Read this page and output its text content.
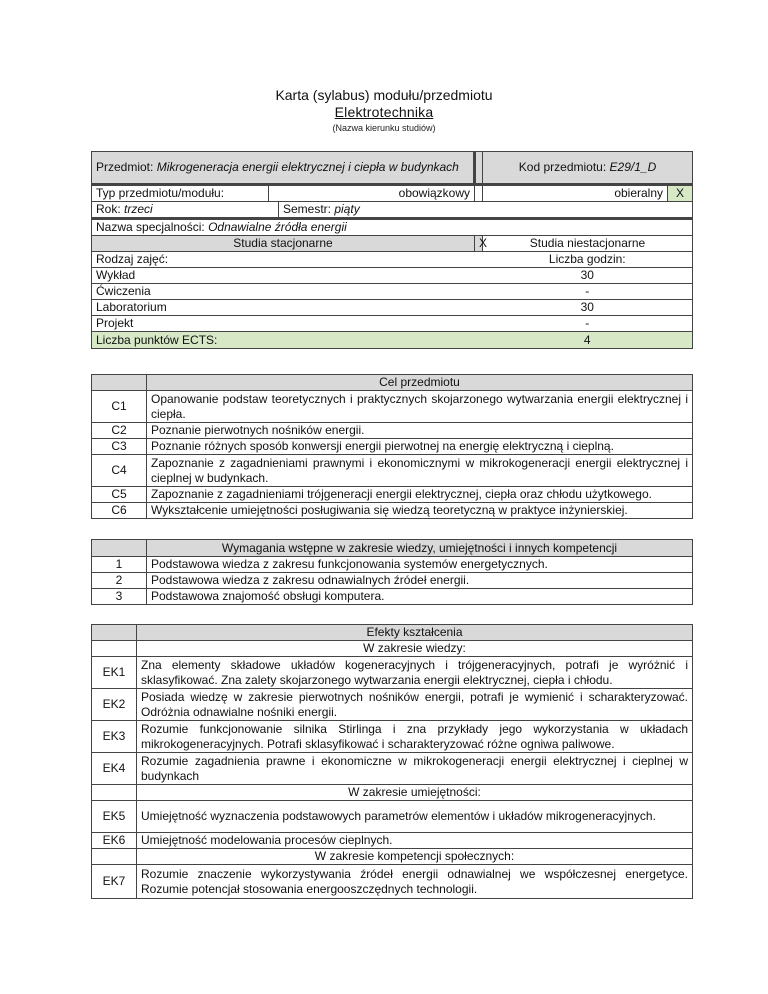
Karta (sylabus) modułu/przedmiotu
Elektrotechnika
(Nazwa kierunku studiów)
Przedmiot: Mikrogeneracja energii elektrycznej i ciepła w budynkach				Kod przedmiotu: E29/1_D	
Typ przedmiotu/modułu:	obowiązkowy			obieralny	X
Rok: trzeci		Semestr: piąty			
Nazwa specjalności: Odnawialne źródła energii					
Studia stacjonarne			X	Studia niestacjonarne	
Rodzaj zajęć:				Liczba godzin:	
Wykład				30	
Ćwiczenia				-	
Laboratorium				30	
Projekt				-	
Liczba punktów ECTS:				4	
	Cel przedmiotu
C1	Opanowanie podstaw teoretycznych i praktycznych skojarzonego wytwarzania energii elektrycznej i ciepła.
C2	Poznanie pierwotnych nośników energii.
C3	Poznanie różnych sposób konwersji energii pierwotnej na energię elektryczną i cieplną.
C4	Zapoznanie z zagadnieniami prawnymi i ekonomicznymi w mikrokogeneracji energii elektrycznej i cieplnej w budynkach.
C5	Zapoznanie z zagadnieniami trójgeneracji energii elektrycznej, ciepła oraz chłodu użytkowego.
C6	Wykształcenie umiejętności posługiwania się wiedzą teoretyczną w praktyce inżynierskiej.
	Wymagania wstępne w zakresie wiedzy, umiejętności i innych kompetencji
1	Podstawowa wiedza z zakresu funkcjonowania systemów energetycznych.
2	Podstawowa wiedza z zakresu odnawialnych źródeł energii.
3	Podstawowa znajomość obsługi komputera.
	Efekty kształcenia
	W zakresie wiedzy:
EK1	Zna elementy składowe układów kogeneracyjnych i trójgeneracyjnych, potrafi je wyróżnić i sklasyfikować. Zna zalety skojarzonego wytwarzania energii elektrycznej, ciepła i chłodu.
EK2	Posiada wiedzę w zakresie pierwotnych nośników energii, potrafi je wymienić i scharakteryzować. Odróżnia odnawialne nośniki energii.
EK3	Rozumie funkcjonowanie silnika Stirlinga i zna przykłady jego wykorzystania w układach mikrokogeneracyjnych. Potrafi sklasyfikować i scharakteryzować różne ogniwa paliwowe.
EK4	Rozumie zagadnienia prawne i ekonomiczne w mikrokogeneracji energii elektrycznej i cieplnej w budynkach
	W zakresie umiejętności:
EK5	Umiejętność wyznaczenia podstawowych parametrów elementów i układów mikrogeneracyjnych.
EK6	Umiejętność modelowania procesów cieplnych.
	W zakresie kompetencji społecznych:
EK7	Rozumie znaczenie wykorzystywania źródeł energii odnawialnej we współczesnej energetyce. Rozumie potencjał stosowania energooszczędnych technologii.
